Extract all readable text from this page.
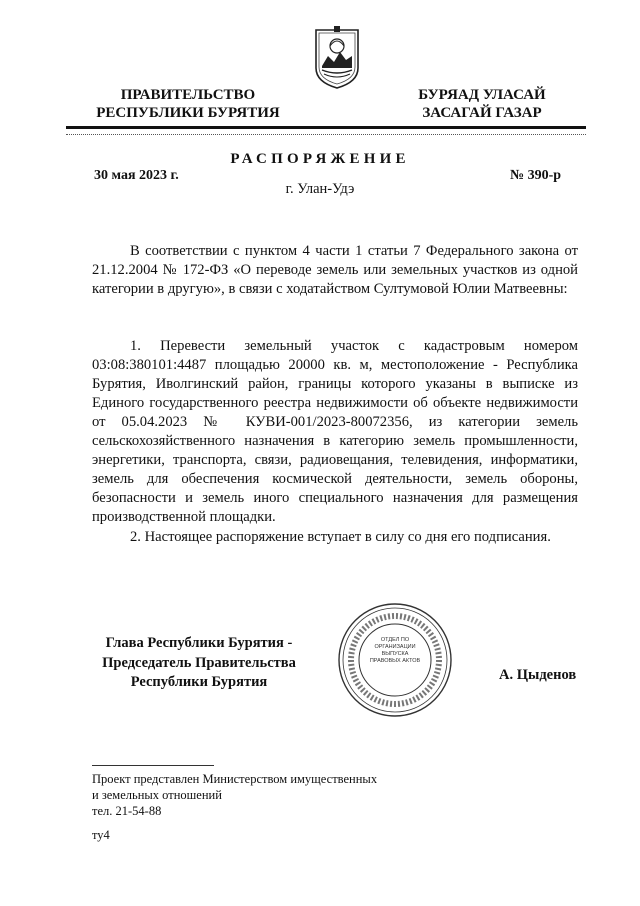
ПРАВИТЕЛЬСТВО
РЕСПУБЛИКИ БУРЯТИЯ
БУРЯАД УЛАСАЙ
ЗАСАГАЙ ГАЗАР
РАСПОРЯЖЕНИЕ
30 мая 2023 г.	№ 390-р
г. Улан-Удэ
В соответствии с пунктом 4 части 1 статьи 7 Федерального закона от 21.12.2004 № 172-ФЗ «О переводе земель или земельных участков из одной категории в другую», в связи с ходатайством Султумовой Юлии Матвеевны:
1. Перевести земельный участок с кадастровым номером 03:08:380101:4487 площадью 20000 кв. м, местоположение - Республика Бурятия, Иволгинский район, границы которого указаны в выписке из Единого государственного реестра недвижимости об объекте недвижимости от 05.04.2023 № КУВИ-001/2023-80072356, из категории земель сельскохозяйственного назначения в категорию земель промышленности, энергетики, транспорта, связи, радиовещания, телевидения, информатики, земель для обеспечения космической деятельности, земель обороны, безопасности и земель иного специального назначения для размещения производственной площадки.
2. Настоящее распоряжение вступает в силу со дня его подписания.
Глава Республики Бурятия -
Председатель Правительства
Республики Бурятия
ОТДЕЛ ПО ОРГАНИЗАЦИИ ВЫПУСКА ПРАВОВЫХ АКТОВ
А. Цыденов
Проект представлен Министерством имущественных
и земельных отношений
тел. 21-54-88
ту4
